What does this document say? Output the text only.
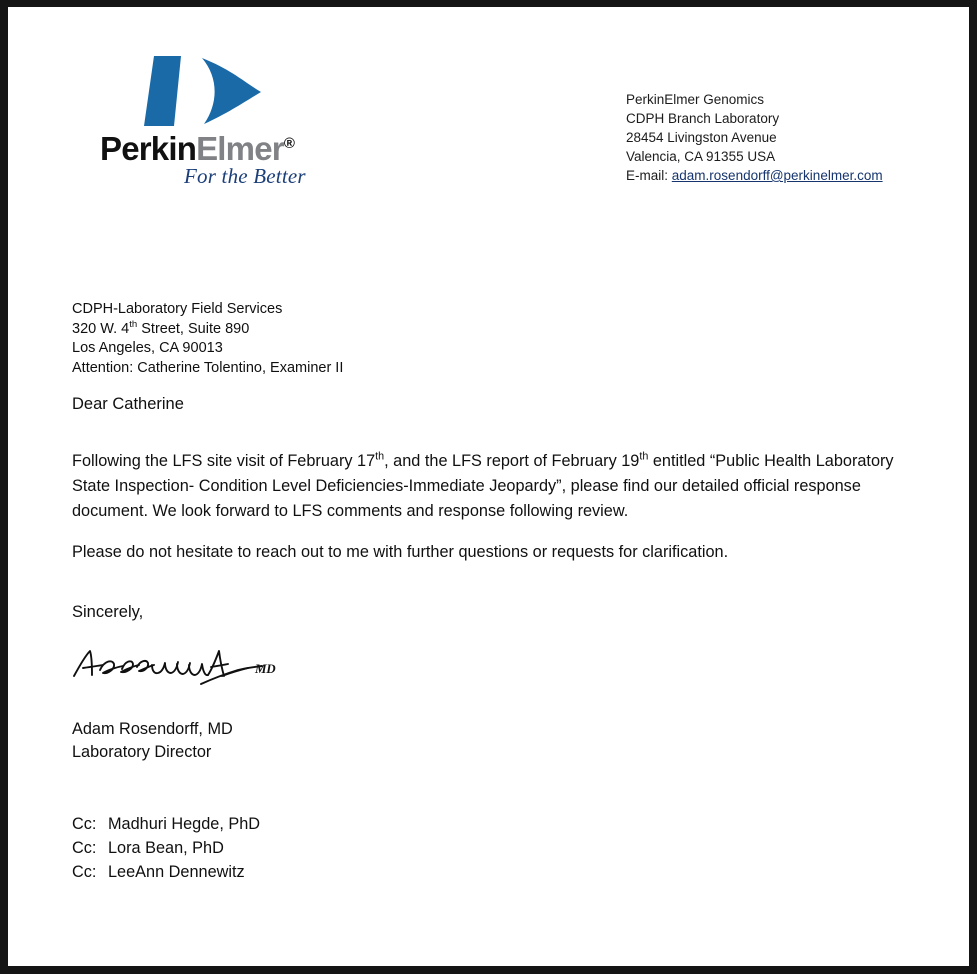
PerkinElmer®
For the Better
PerkinElmer Genomics
CDPH Branch Laboratory
28454 Livingston Avenue
Valencia, CA 91355 USA
E-mail: adam.rosendorff@perkinelmer.com
CDPH-Laboratory Field Services
320 W. 4th Street, Suite 890
Los Angeles, CA 90013
Attention: Catherine Tolentino, Examiner II
Dear Catherine
Following the LFS site visit of February 17th, and the LFS report of February 19th entitled “Public Health Laboratory State Inspection- Condition Level Deficiencies-Immediate Jeopardy”, please find our detailed official response document. We look forward to LFS comments and response following review.
Please do not hesitate to reach out to me with further questions or requests for clarification.
Sincerely,
MD
Adam Rosendorff, MD
Laboratory Director
Cc: Madhuri Hegde, PhD
Cc: Lora Bean, PhD
Cc: LeeAnn Dennewitz
